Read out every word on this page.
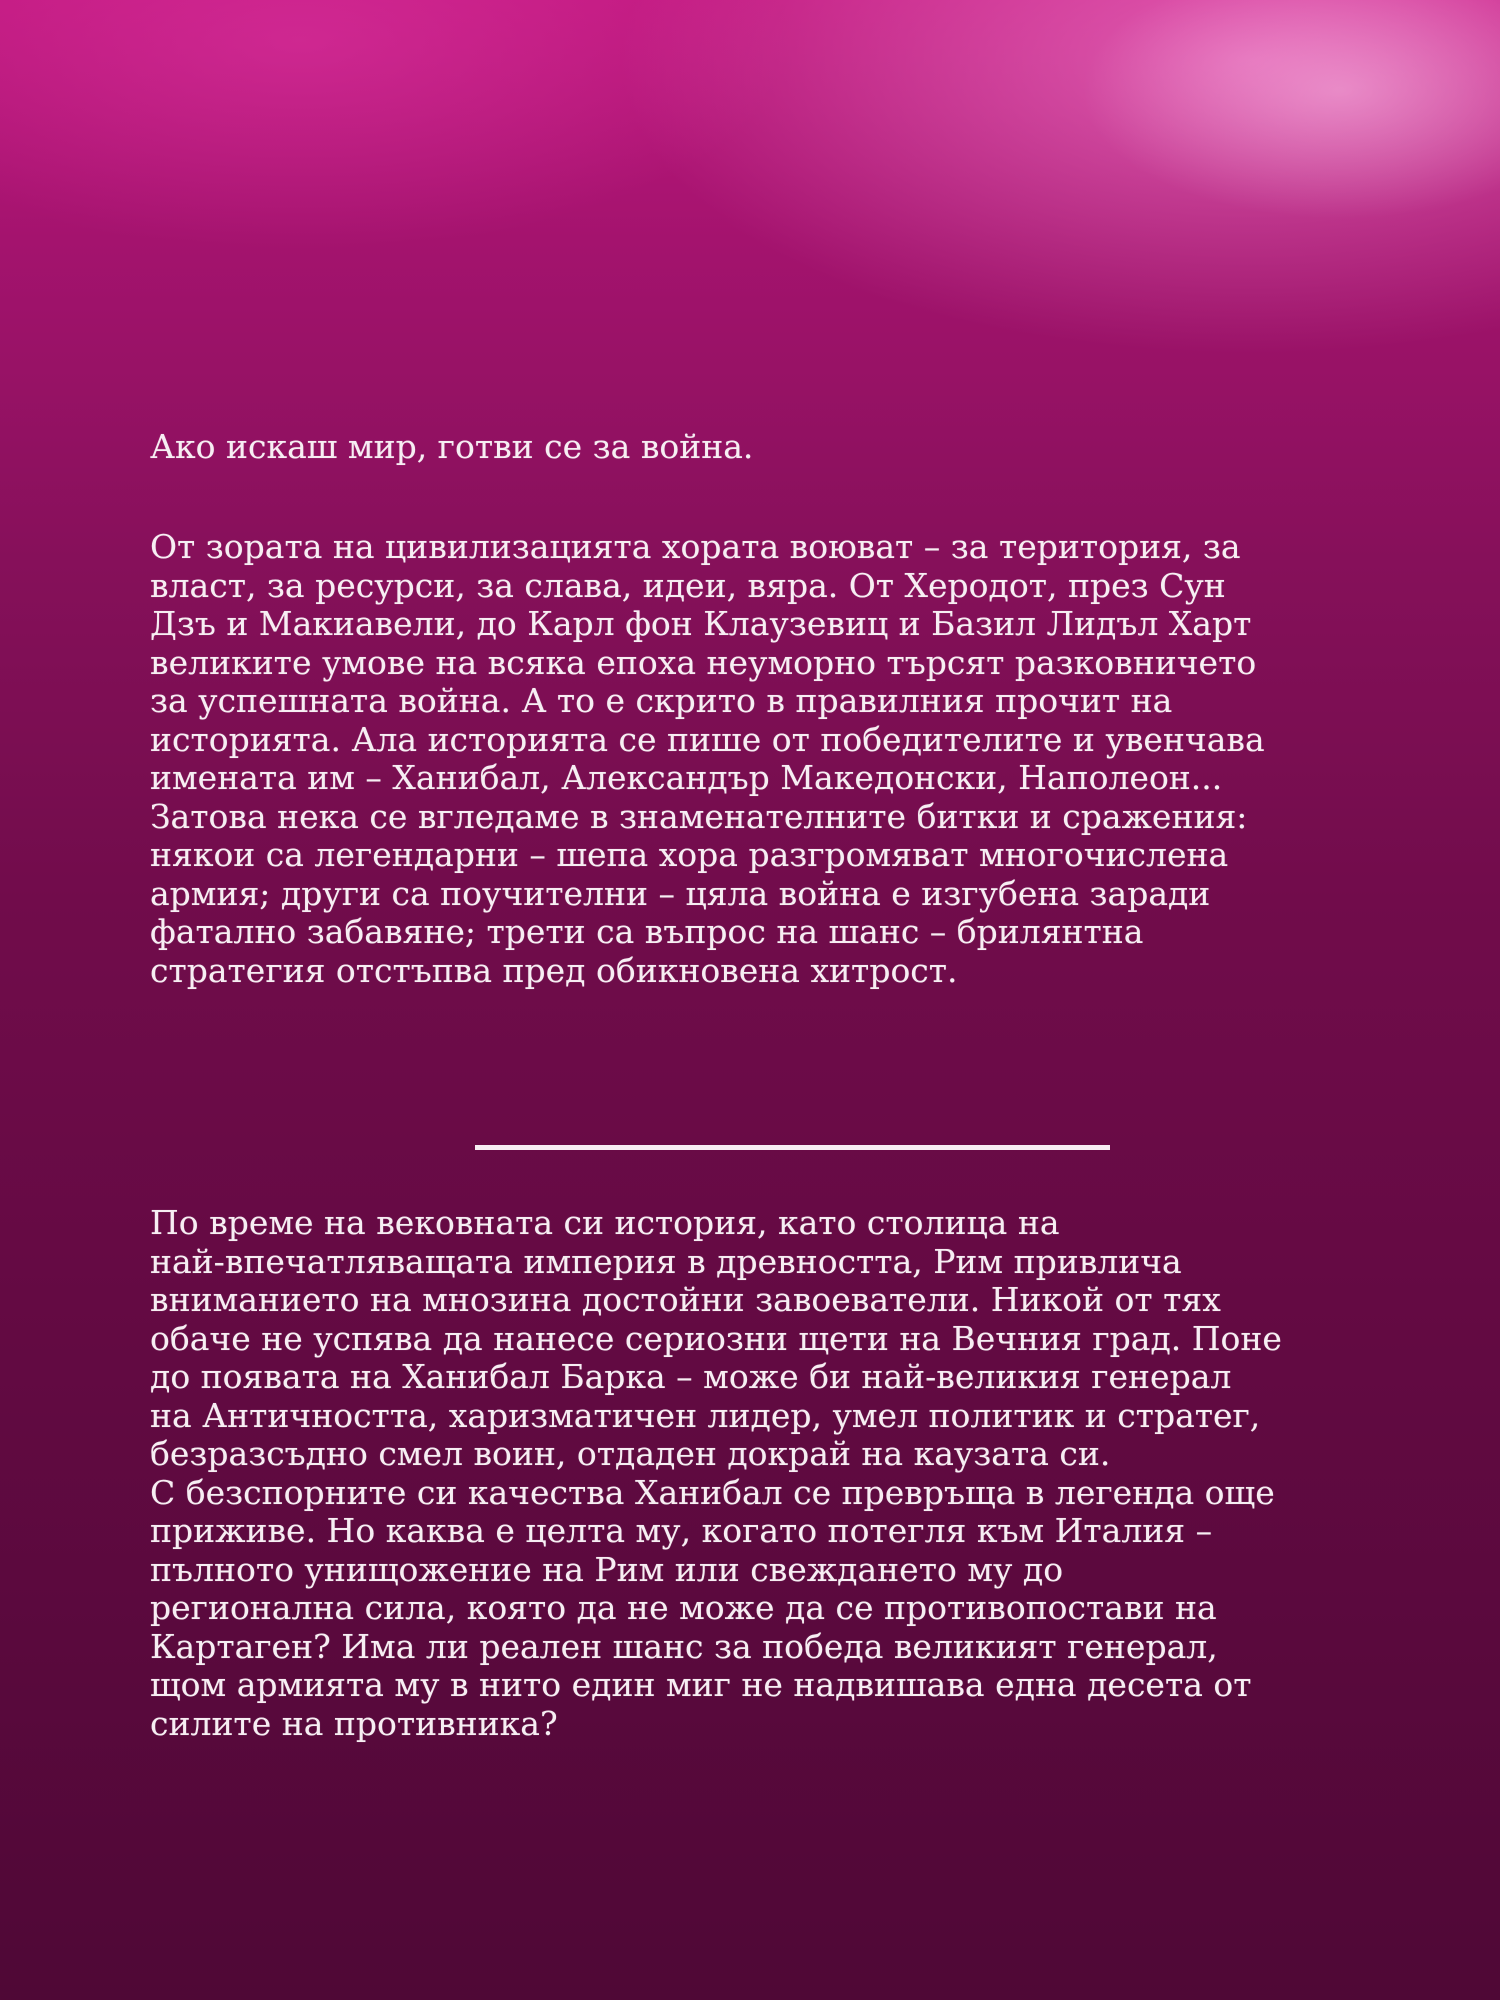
Ако искаш мир, готви се за война.

От зората на цивилизацията хората воюват – за територия, за
власт, за ресурси, за слава, идеи, вяра. От Херодот, през Сун
Дзъ и Макиавели, до Карл фон Клаузевиц и Базил Лидъл Харт
великите умове на всяка епоха неуморно търсят разковничето
за успешната война. А то е скрито в правилния прочит на
историята. Ала историята се пише от победителите и увенчава
имената им – Ханибал, Александър Македонски, Наполеон...
Затова нека се вгледаме в знаменателните битки и сражения:
някои са легендарни – шепа хора разгромяват многочислена
армия; други са поучителни – цяла война е изгубена заради
фатално забавяне; трети са въпрос на шанс – брилянтна
стратегия отстъпва пред обикновена хитрост.

По време на вековната си история, като столица на
най-впечатляващата империя в древността, Рим привлича
вниманието на мнозина достойни завоеватели. Никой от тях
обаче не успява да нанесе сериозни щети на Вечния град. Поне
до появата на Ханибал Барка – може би най-великия генерал
на Античността, харизматичен лидер, умел политик и стратег,
безразсъдно смел воин, отдаден докрай на каузата си.
С безспорните си качества Ханибал се превръща в легенда още
приживе. Но каква е целта му, когато потегля към Италия –
пълното унищожение на Рим или свеждането му до
регионална сила, която да не може да се противопостави на
Картаген? Има ли реален шанс за победа великият генерал,
щом армията му в нито един миг не надвишава една десета от
силите на противника?
